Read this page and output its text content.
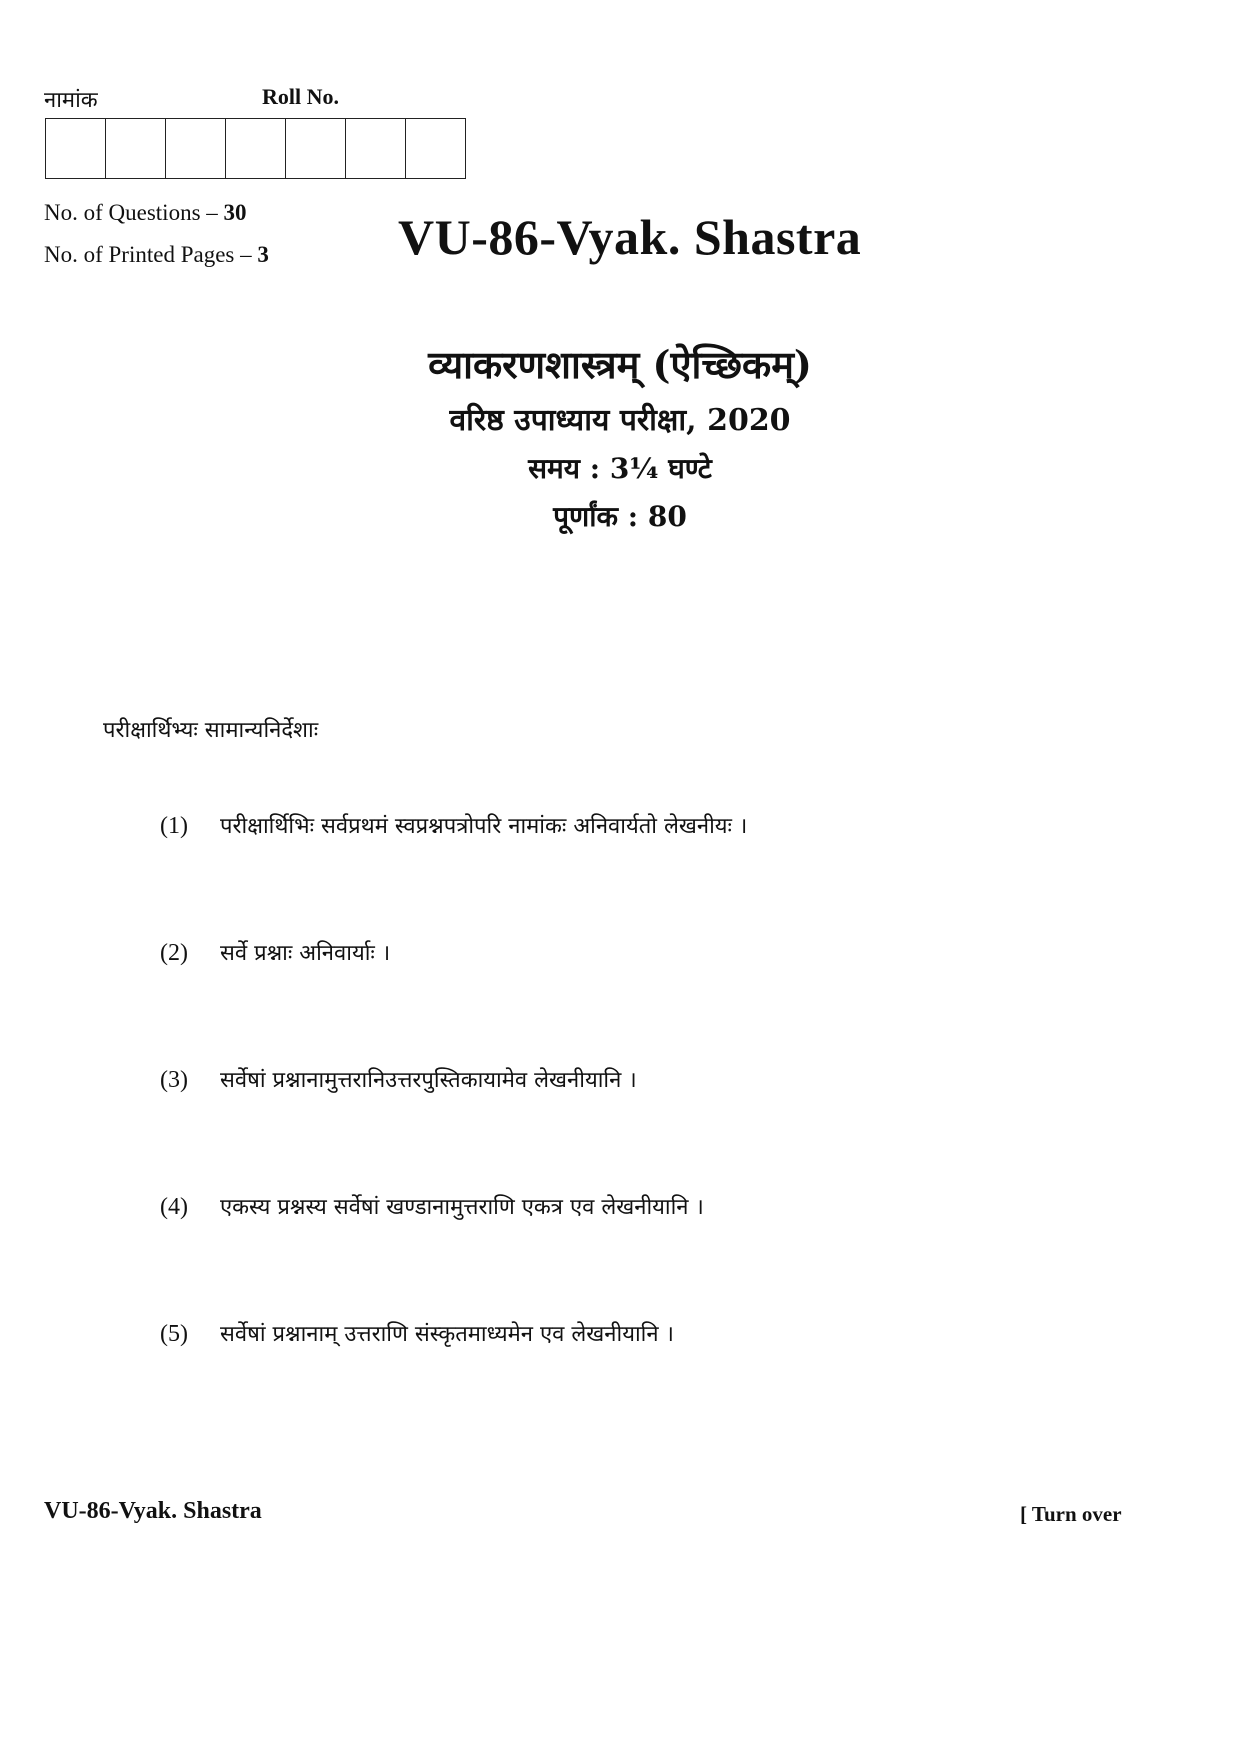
नामांक	Roll No.
No. of Questions – 30
No. of Printed Pages – 3	VU-86-Vyak. Shastra
व्याकरणशास्त्रम् (ऐच्छिकम्)
वरिष्ठ उपाध्याय परीक्षा, 2020
समय : 3¼ घण्टे
पूर्णांक : 80
परीक्षार्थिभ्यः सामान्यनिर्देशाः
(1)	परीक्षार्थिभिः सर्वप्रथमं स्वप्रश्नपत्रोपरि नामांकः अनिवार्यतो लेखनीयः ।
(2)	सर्वे प्रश्नाः अनिवार्याः ।
(3)	सर्वेषां प्रश्नानामुत्तरानिउत्तरपुस्तिकायामेव लेखनीयानि ।
(4)	एकस्य प्रश्नस्य सर्वेषां खण्डानामुत्तराणि एकत्र एव लेखनीयानि ।
(5)	सर्वेषां प्रश्नानाम् उत्तराणि संस्कृतमाध्यमेन एव लेखनीयानि ।
VU-86-Vyak. Shastra	[ Turn over
